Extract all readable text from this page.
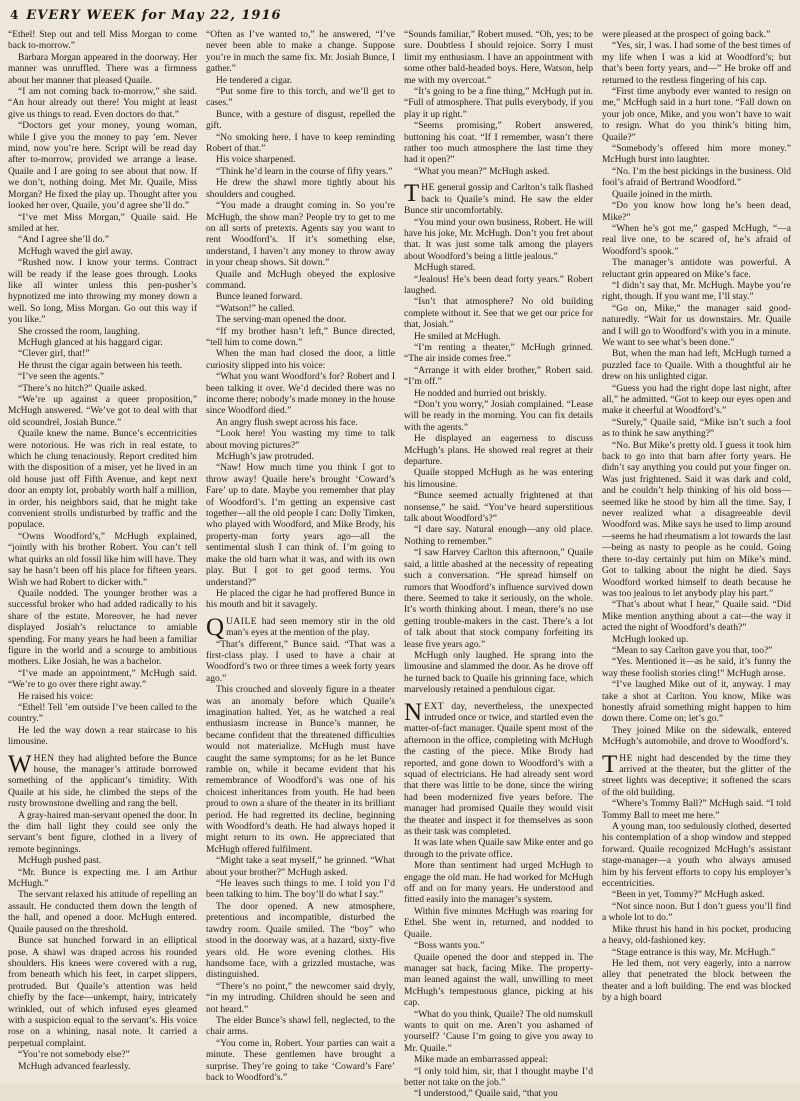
4 EVERY WEEK for May 22, 1916

“Ethel! Step out and tell Miss Morgan to come back to-morrow.”

Barbara Morgan appeared in the doorway. Her manner was unruffled. There was a firmness about her manner that pleased Quaile.

“I am not coming back to-morrow,” she said. “An hour already out there! You might at least give us things to read. Even doctors do that.”

“Doctors get your money, young woman, while I give you the money to pay ’em. Never mind, now you’re here. Script will be read day after to-morrow, provided we arrange a lease. Quaile and I are going to see about that now. If we don’t, nothing doing. Met Mr. Quaile, Miss Morgan? He fixed the play up. Thought after you looked her over, Quaile, you’d agree she’ll do.”

“I’ve met Miss Morgan,” Quaile said. He smiled at her.

“And I agree she’ll do.”

McHugh waved the girl away.

“Rushed now. I know your terms. Contract will be ready if the lease goes through. Looks like all winter unless this pen-pusher’s hypnotized me into throwing my money down a well. So long, Miss Morgan. Go out this way if you like.”

She crossed the room, laughing.

McHugh glanced at his haggard cigar.

“Clever girl, that!”

He thrust the cigar again between his teeth.

“I’ve seen the agents.”

“There’s no hitch?” Quaile asked.

“We’re up against a queer proposition,” McHugh answered. “We’ve got to deal with that old scoundrel, Josiah Bunce.”

Quaile knew the name. Bunce’s eccentricities were notorious. He was rich in real estate, to which he clung tenaciously. Report credited him with the disposition of a miser, yet he lived in an old house just off Fifth Avenue, and kept next door an empty lot, probably worth half a million, in order, his neighbors said, that he might take convenient strolls undisturbed by traffic and the populace.

“Owns Woodford’s,” McHugh explained, “jointly with his brother Robert. You can’t tell what quirks an old fossil like him will have. They say he hasn’t been off his place for fifteen years. Wish we had Robert to dicker with.”

Quaile nodded. The younger brother was a successful broker who had added radically to his share of the estate. Moreover, he had never displayed Josiah’s reluctance to amiable spending. For many years he had been a familiar figure in the world and a scourge to ambitious mothers. Like Josiah, he was a bachelor.

“I’ve made an appointment,” McHugh said. “We’re to go over there right away.”

He raised his voice:

“Ethel! Tell ’em outside I’ve been called to the country.”

He led the way down a rear staircase to his limousine.

WHEN they had alighted before the Bunce house, the manager’s attitude borrowed something of the applicant’s timidity. With Quaile at his side, he climbed the steps of the rusty brownstone dwelling and rang the bell.

A gray-haired man-servant opened the door. In the dim hall light they could see only the servant’s bent figure, clothed in a livery of remote beginnings.

McHugh pushed past.

“Mr. Bunce is expecting me. I am Arthur McHugh.”

The servant relaxed his attitude of repelling an assault. He conducted them down the length of the hall, and opened a door. McHugh entered. Quaile paused on the threshold.

Bunce sat hunched forward in an elliptical pose. A shawl was draped across his rounded shoulders. His knees were covered with a rug, from beneath which his feet, in carpet slippers, protruded. But Quaile’s attention was held chiefly by the face—unkempt, hairy, intricately wrinkled, out of which infused eyes gleamed with a suspicion equal to the servant’s. His voice rose on a whining, nasal note. It carried a perpetual complaint.

“You’re not somebody else?”

McHugh advanced fearlessly.

“Often as I’ve wanted to,” he answered, “I’ve never been able to make a change. Suppose you’re in much the same fix. Mr. Josiah Bunce, I gather.”

He tendered a cigar.

“Put some fire to this torch, and we’ll get to cases.”

Bunce, with a gesture of disgust, repelled the gift.

“No smoking here. I have to keep reminding Robert of that.”

His voice sharpened.

“Think he’d learn in the course of fifty years.”

He drew the shawl more tightly about his shoulders and coughed.

“You made a draught coming in. So you’re McHugh, the show man? People try to get to me on all sorts of pretexts. Agents say you want to rent Woodford’s. If it’s something else, understand, I haven’t any money to throw away in your cheap shows. Sit down.”

Quaile and McHugh obeyed the explosive command.

Bunce leaned forward.

“Watson!” he called.

The serving-man opened the door.

“If my brother hasn’t left,” Bunce directed, “tell him to come down.”

When the man had closed the door, a little curiosity slipped into his voice:

“What you want Woodford’s for? Robert and I been talking it over. We’d decided there was no income there; nobody’s made money in the house since Woodford died.”

An angry flush swept across his face.

“Look here! You wasting my time to talk about moving pictures?”

McHugh’s jaw protruded.

“Naw! How much time you think I got to throw away! Quaile here’s brought ‘Coward’s Fare’ up to date. Maybe you remember that play of Woodford’s. I’m getting an expensive cast together—all the old people I can: Dolly Timken, who played with Woodford, and Mike Brody, his property-man forty years ago—all the sentimental slush I can think of. I’m going to make the old barn what it was, and with its own play. But I got to get good terms. You understand?”

He placed the cigar he had proffered Bunce in his mouth and bit it savagely.

QUAILE had seen memory stir in the old man’s eyes at the mention of the play.

“That’s different,” Bunce said. “That was a first-class play. I used to have a chair at Woodford’s two or three times a week forty years ago.”

This crouched and slovenly figure in a theater was an anomaly before which Quaile’s imagination halted. Yet, as he watched a real enthusiasm increase in Bunce’s manner, he became confident that the threatened difficulties would not materialize. McHugh must have caught the same symptoms; for as he let Bunce ramble on, while it became evident that his remembrance of Woodford’s was one of his choicest inheritances from youth. He had been proud to own a share of the theater in its brilliant period. He had regretted its decline, beginning with Woodford’s death. He had always hoped it might return to its own. He appreciated that McHugh offered fulfilment.

“Might take a seat myself,” he grinned. “What about your brother?” McHugh asked.

“He leaves such things to me. I told you I’d been talking to him. The boy’ll do what I say.”

The door opened. A new atmosphere, pretentious and incompatible, disturbed the tawdry room. Quaile smiled. The “boy” who stood in the doorway was, at a hazard, sixty-five years old. He wore evening clothes. His handsome face, with a grizzled mustache, was distinguished.

“There’s no point,” the newcomer said dryly, “in my intruding. Children should be seen and not heard.”

The elder Bunce’s shawl fell, neglected, to the chair arms.

“You come in, Robert. Your parties can wait a minute. These gentlemen have brought a surprise. They’re going to take ‘Coward’s Fare’ back to Woodford’s.”

“Sounds familiar,” Robert mused. “Oh, yes; to be sure. Doubtless I should rejoice. Sorry I must limit my enthusiasm. I have an appointment with some other bald-headed boys. Here, Watson, help me with my overcoat.”

“It’s going to be a fine thing,” McHugh put in. “Full of atmosphere. That pulls everybody, if you play it up right.”

“Seems promising,” Robert answered, buttoning his coat. “If I remember, wasn’t there rather too much atmosphere the last time they had it open?”

“What you mean?” McHugh asked.

THE general gossip and Carlton’s talk flashed back to Quaile’s mind. He saw the elder Bunce stir uncomfortably.

“You mind your own business, Robert. He will have his joke, Mr. McHugh. Don’t you fret about that. It was just some talk among the players about Woodford’s being a little jealous.”

McHugh stared.

“Jealous! He’s been dead forty years.” Robert laughed.

“Isn’t that atmosphere? No old building complete without it. See that we get our price for that, Josiah.”

He smiled at McHugh.

“I’m renting a theater,” McHugh grinned. “The air inside comes free.”

“Arrange it with elder brother,” Robert said. “I’m off.”

He nodded and hurried out briskly.

“Don’t you worry,” Josiah complained. “Lease will be ready in the morning. You can fix details with the agents.”

He displayed an eagerness to discuss McHugh’s plans. He showed real regret at their departure.

Quaile stopped McHugh as he was entering his limousine.

“Bunce seemed actually frightened at that nonsense,” he said. “You’ve heard superstitious talk about Woodford’s?”

“I dare say. Natural enough—any old place. Nothing to remember.”

“I saw Harvey Carlton this afternoon,” Quaile said, a little abashed at the necessity of repeating such a conversation. “He spread himself on rumors that Woodford’s influence survived down there. Seemed to take it seriously, on the whole. It’s worth thinking about. I mean, there’s no use getting trouble-makers in the cast. There’s a lot of talk about that stock company forfeiting its lease five years ago.”

McHugh only laughed. He sprang into the limousine and slammed the door. As he drove off he turned back to Quaile his grinning face, which marvelously retained a pendulous cigar.

NEXT day, nevertheless, the unexpected intruded once or twice, and startled even the matter-of-fact manager. Quaile spent most of the afternoon in the office, completing with McHugh the casting of the piece. Mike Brody had reported, and gone down to Woodford’s with a squad of electricians. He had already sent word that there was little to be done, since the wiring had been modernized five years before. The manager had promised Quaile they would visit the theater and inspect it for themselves as soon as their task was completed.

It was late when Quaile saw Mike enter and go through to the private office.

More than sentiment had urged McHugh to engage the old man. He had worked for McHugh off and on for many years. He understood and fitted easily into the manager’s system.

Within five minutes McHugh was roaring for Ethel. She went in, returned, and nodded to Quaile.

“Boss wants you.”

Quaile opened the door and stepped in. The manager sat back, facing Mike. The property-man leaned against the wall, unwilling to meet McHugh’s tempestuous glance, picking at his cap.

“What do you think, Quaile? The old numskull wants to quit on me. Aren’t you ashamed of yourself? ’Cause I’m going to give you away to Mr. Quaile.”

Mike made an embarrassed appeal:

“I only told him, sir, that I thought maybe I’d better not take on the job.”

“I understood,” Quaile said, “that you

were pleased at the prospect of going back.”

“Yes, sir, I was. I had some of the best times of my life when I was a kid at Woodford’s; but that’s been forty years, and—” He broke off and returned to the restless fingering of his cap.

“First time anybody ever wanted to resign on me,” McHugh said in a hurt tone. “Fall down on your job once, Mike, and you won’t have to wait to resign. What do you think’s biting him, Quaile?”

“Somebody’s offered him more money.” McHugh burst into laughter.

“No. I’m the best pickings in the business. Old fool’s afraid of Bertrand Woodford.”

Quaile joined in the mirth.

“Do you know how long he’s been dead, Mike?”

“When he’s got me,” gasped McHugh, “—a real live one, to be scared of, he’s afraid of Woodford’s spook.”

The manager’s antidote was powerful. A reluctant grin appeared on Mike’s face.

“I didn’t say that, Mr. McHugh. Maybe you’re right, though. If you want me, I’ll stay.”

“Go on, Mike,” the manager said good-naturedly. “Wait for us downstairs. Mr. Quaile and I will go to Woodford’s with you in a minute. We want to see what’s been done.”

But, when the man had left, McHugh turned a puzzled face to Quaile. With a thoughtful air he drew on his unlighted cigar.

“Guess you had the right dope last night, after all,” he admitted. “Got to keep our eyes open and make it cheerful at Woodford’s.”

“Surely,” Quaile said, “Mike isn’t such a fool as to think he saw anything?”

“No. But Mike’s pretty old. I guess it took him back to go into that barn after forty years. He didn’t say anything you could put your finger on. Was just frightened. Said it was dark and cold, and he couldn’t help thinking of his old boss—seemed like he stood by him all the time. Say, I never realized what a disagreeable devil Woodford was. Mike says he used to limp around—seems he had rheumatism a lot towards the last—being as nasty to people as he could. Going there to-day certainly put him on Mike’s mind. Got to talking about the night he died. Says Woodford worked himself to death because he was too jealous to let anybody play his part.”

“That’s about what I hear,” Quaile said. “Did Mike mention anything about a cat—the way it acted the night of Woodford’s death?”

McHugh looked up.

“Mean to say Carlton gave you that, too?”

“Yes. Mentioned it—as he said, it’s funny the way these foolish stories cling!” McHugh arose.

“I’ve laughed Mike out of it, anyway. I may take a shot at Carlton. You know, Mike was honestly afraid something might happen to him down there. Come on; let’s go.”

They joined Mike on the sidewalk, entered McHugh’s automobile, and drove to Woodford’s.

THE night had descended by the time they arrived at the theater, but the glitter of the street lights was deceptive; it softened the scars of the old building.

“Where’s Tommy Ball?” McHugh said. “I told Tommy Ball to meet me here.”

A young man, too sedulously clothed, deserted his contemplation of a shop window and stepped forward. Quaile recognized McHugh’s assistant stage-manager—a youth who always amused him by his fervent efforts to copy his employer’s eccentricities.

“Been in yet, Tommy?” McHugh asked.

“Not since noon. But I don’t guess you’ll find a whole lot to do.”

Mike thrust his hand in his pocket, producing a heavy, old-fashioned key.

“Stage entrance is this way, Mr. McHugh.”

He led them, not very eagerly, into a narrow alley that penetrated the block between the theater and a loft building. The end was blocked by a high board
